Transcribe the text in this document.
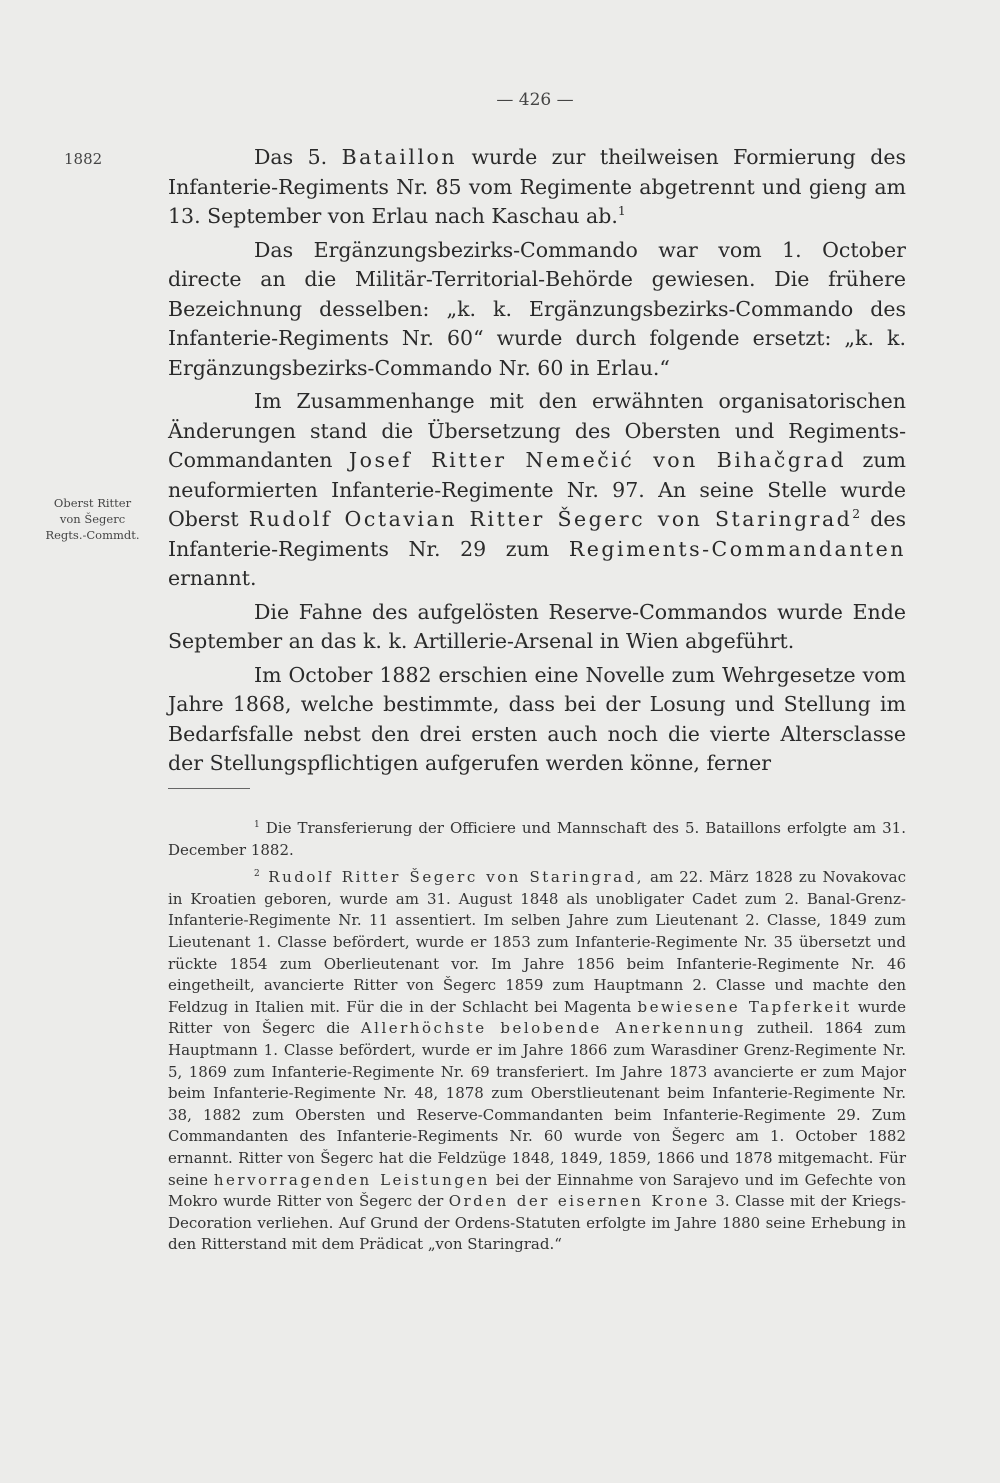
— 426 —
1882
Oberst Ritter
von Šegerc
Regts.-Commdt.

Das 5. Bataillon wurde zur theilweisen Formierung des Infanterie-Regiments Nr. 85 vom Regimente abgetrennt und gieng am 13. September von Erlau nach Kaschau ab.$^1$

Das Ergänzungsbezirks-Commando war vom 1. October directe an die Militär-Territorial-Behörde gewiesen. Die frühere Bezeichnung desselben: „k. k. Ergänzungsbezirks-Commando des Infanterie-Regiments Nr. 60“ wurde durch folgende ersetzt: „k. k. Ergänzungsbezirks-Commando Nr. 60 in Erlau.“

Im Zusammenhange mit den erwähnten organisatorischen Änderungen stand die Übersetzung des Obersten und Regiments-Commandanten Josef Ritter Nemečić von Bihačgrad zum neuformierten Infanterie-Regimente Nr. 97. An seine Stelle wurde Oberst Rudolf Octavian Ritter Šegerc von Staringrad$^2$ des Infanterie-Regiments Nr. 29 zum Regiments-Commandanten ernannt.

Die Fahne des aufgelösten Reserve-Commandos wurde Ende September an das k. k. Artillerie-Arsenal in Wien abgeführt.

Im October 1882 erschien eine Novelle zum Wehrgesetze vom Jahre 1868, welche bestimmte, dass bei der Losung und Stellung im Bedarfsfalle nebst den drei ersten auch noch die vierte Altersclasse der Stellungspflichtigen aufgerufen werden könne, ferner

$^1$ Die Transferierung der Officiere und Mannschaft des 5. Bataillons erfolgte am 31. December 1882.

$^2$ Rudolf Ritter Šegerc von Staringrad, am 22. März 1828 zu Novakovac in Kroatien geboren, wurde am 31. August 1848 als unobligater Cadet zum 2. Banal-Grenz-Infanterie-Regimente Nr. 11 assentiert. Im selben Jahre zum Lieutenant 2. Classe, 1849 zum Lieutenant 1. Classe befördert, wurde er 1853 zum Infanterie-Regimente Nr. 35 übersetzt und rückte 1854 zum Oberlieutenant vor. Im Jahre 1856 beim Infanterie-Regimente Nr. 46 eingetheilt, avancierte Ritter von Šegerc 1859 zum Hauptmann 2. Classe und machte den Feldzug in Italien mit. Für die in der Schlacht bei Magenta bewiesene Tapferkeit wurde Ritter von Šegerc die Allerhöchste belobende Anerkennung zutheil. 1864 zum Hauptmann 1. Classe befördert, wurde er im Jahre 1866 zum Warasdiner Grenz-Regimente Nr. 5, 1869 zum Infanterie-Regimente Nr. 69 transferiert. Im Jahre 1873 avancierte er zum Major beim Infanterie-Regimente Nr. 48, 1878 zum Oberstlieutenant beim Infanterie-Regimente Nr. 38, 1882 zum Obersten und Reserve-Commandanten beim Infanterie-Regimente 29. Zum Commandanten des Infanterie-Regiments Nr. 60 wurde von Šegerc am 1. October 1882 ernannt. Ritter von Šegerc hat die Feldzüge 1848, 1849, 1859, 1866 und 1878 mitgemacht. Für seine hervorragenden Leistungen bei der Einnahme von Sarajevo und im Gefechte von Mokro wurde Ritter von Šegerc der Orden der eisernen Krone 3. Classe mit der Kriegs-Decoration verliehen. Auf Grund der Ordens-Statuten erfolgte im Jahre 1880 seine Erhebung in den Ritterstand mit dem Prädicat „von Staringrad.“
